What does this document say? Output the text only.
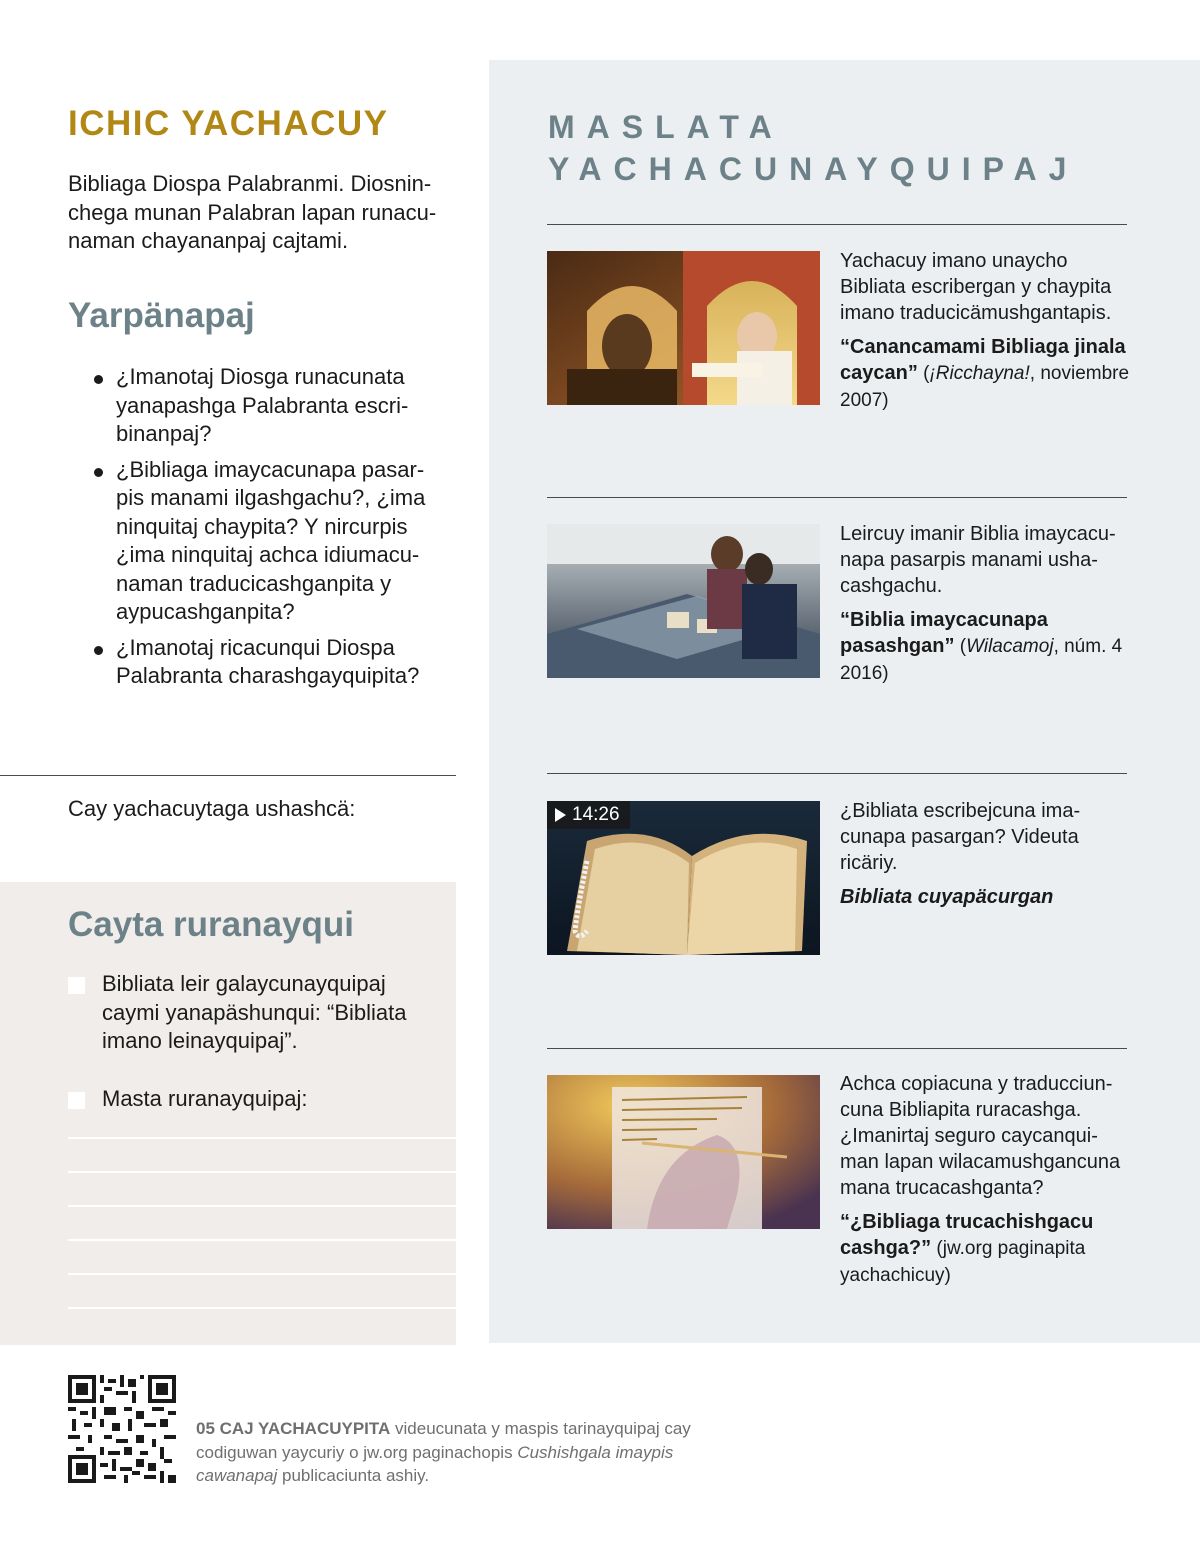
ICHIC YACHACUY

Bibliaga Diospa Palabranmi. Diosnin-chega munan Palabran lapan runacu-naman chayananpaj cajtami.

Yarpänapaj
¿Imanotaj Diosga runacunata yanapashga Palabranta escri-binanpaj?
¿Bibliaga imaycacunapa pasar-pis manami ilgashgachu?, ¿ima ninquitaj chaypita? Y nircurpis ¿ima ninquitaj achca idiumacu-naman traducicashganpita y aypucashganpita?
¿Imanotaj ricacunqui Diospa Palabranta charashgayquipita?
Cay yachacuytaga ushashcä:
Cayta ruranayqui
Bibliata leir galaycunayquipaj caymi yanapäshunqui: “Bibliata imano leinayquipaj”.
Masta ruranayquipaj:
MASLATA
YACHACUNAYQUIPAJ

Yachacuy imano unaycho Bibliata escribergan y chaypita imano traducicämushgantapis.

“Canancamami Bibliaga jinala caycan” (¡Ricchayna!, noviembre 2007)

Leircuy imanir Biblia imaycacu-napa pasarpis manami usha-cashgachu.

“Biblia imaycacunapa pasashgan” (Wilacamoj, núm. 4 2016)

14:26	¿Bibliata escribejcuna ima-cunapa pasargan? Videuta ricäriy.

Bibliata cuyapäcurgan

Achca copiacuna y traducciun-cuna Bibliapita ruracashga. ¿Imanirtaj seguro caycanqui-man lapan wilacamushgancuna mana trucacashganta?

“¿Bibliaga trucachishgacu cashga?” (jw.org paginapita yachachicuy)

05 CAJ YACHACUYPITA videucunata y maspis tarinayquipaj cay codiguwan yaycuriy o jw.org paginachopis Cushishgala imaypis cawanapaj publicaciunta ashiy.
